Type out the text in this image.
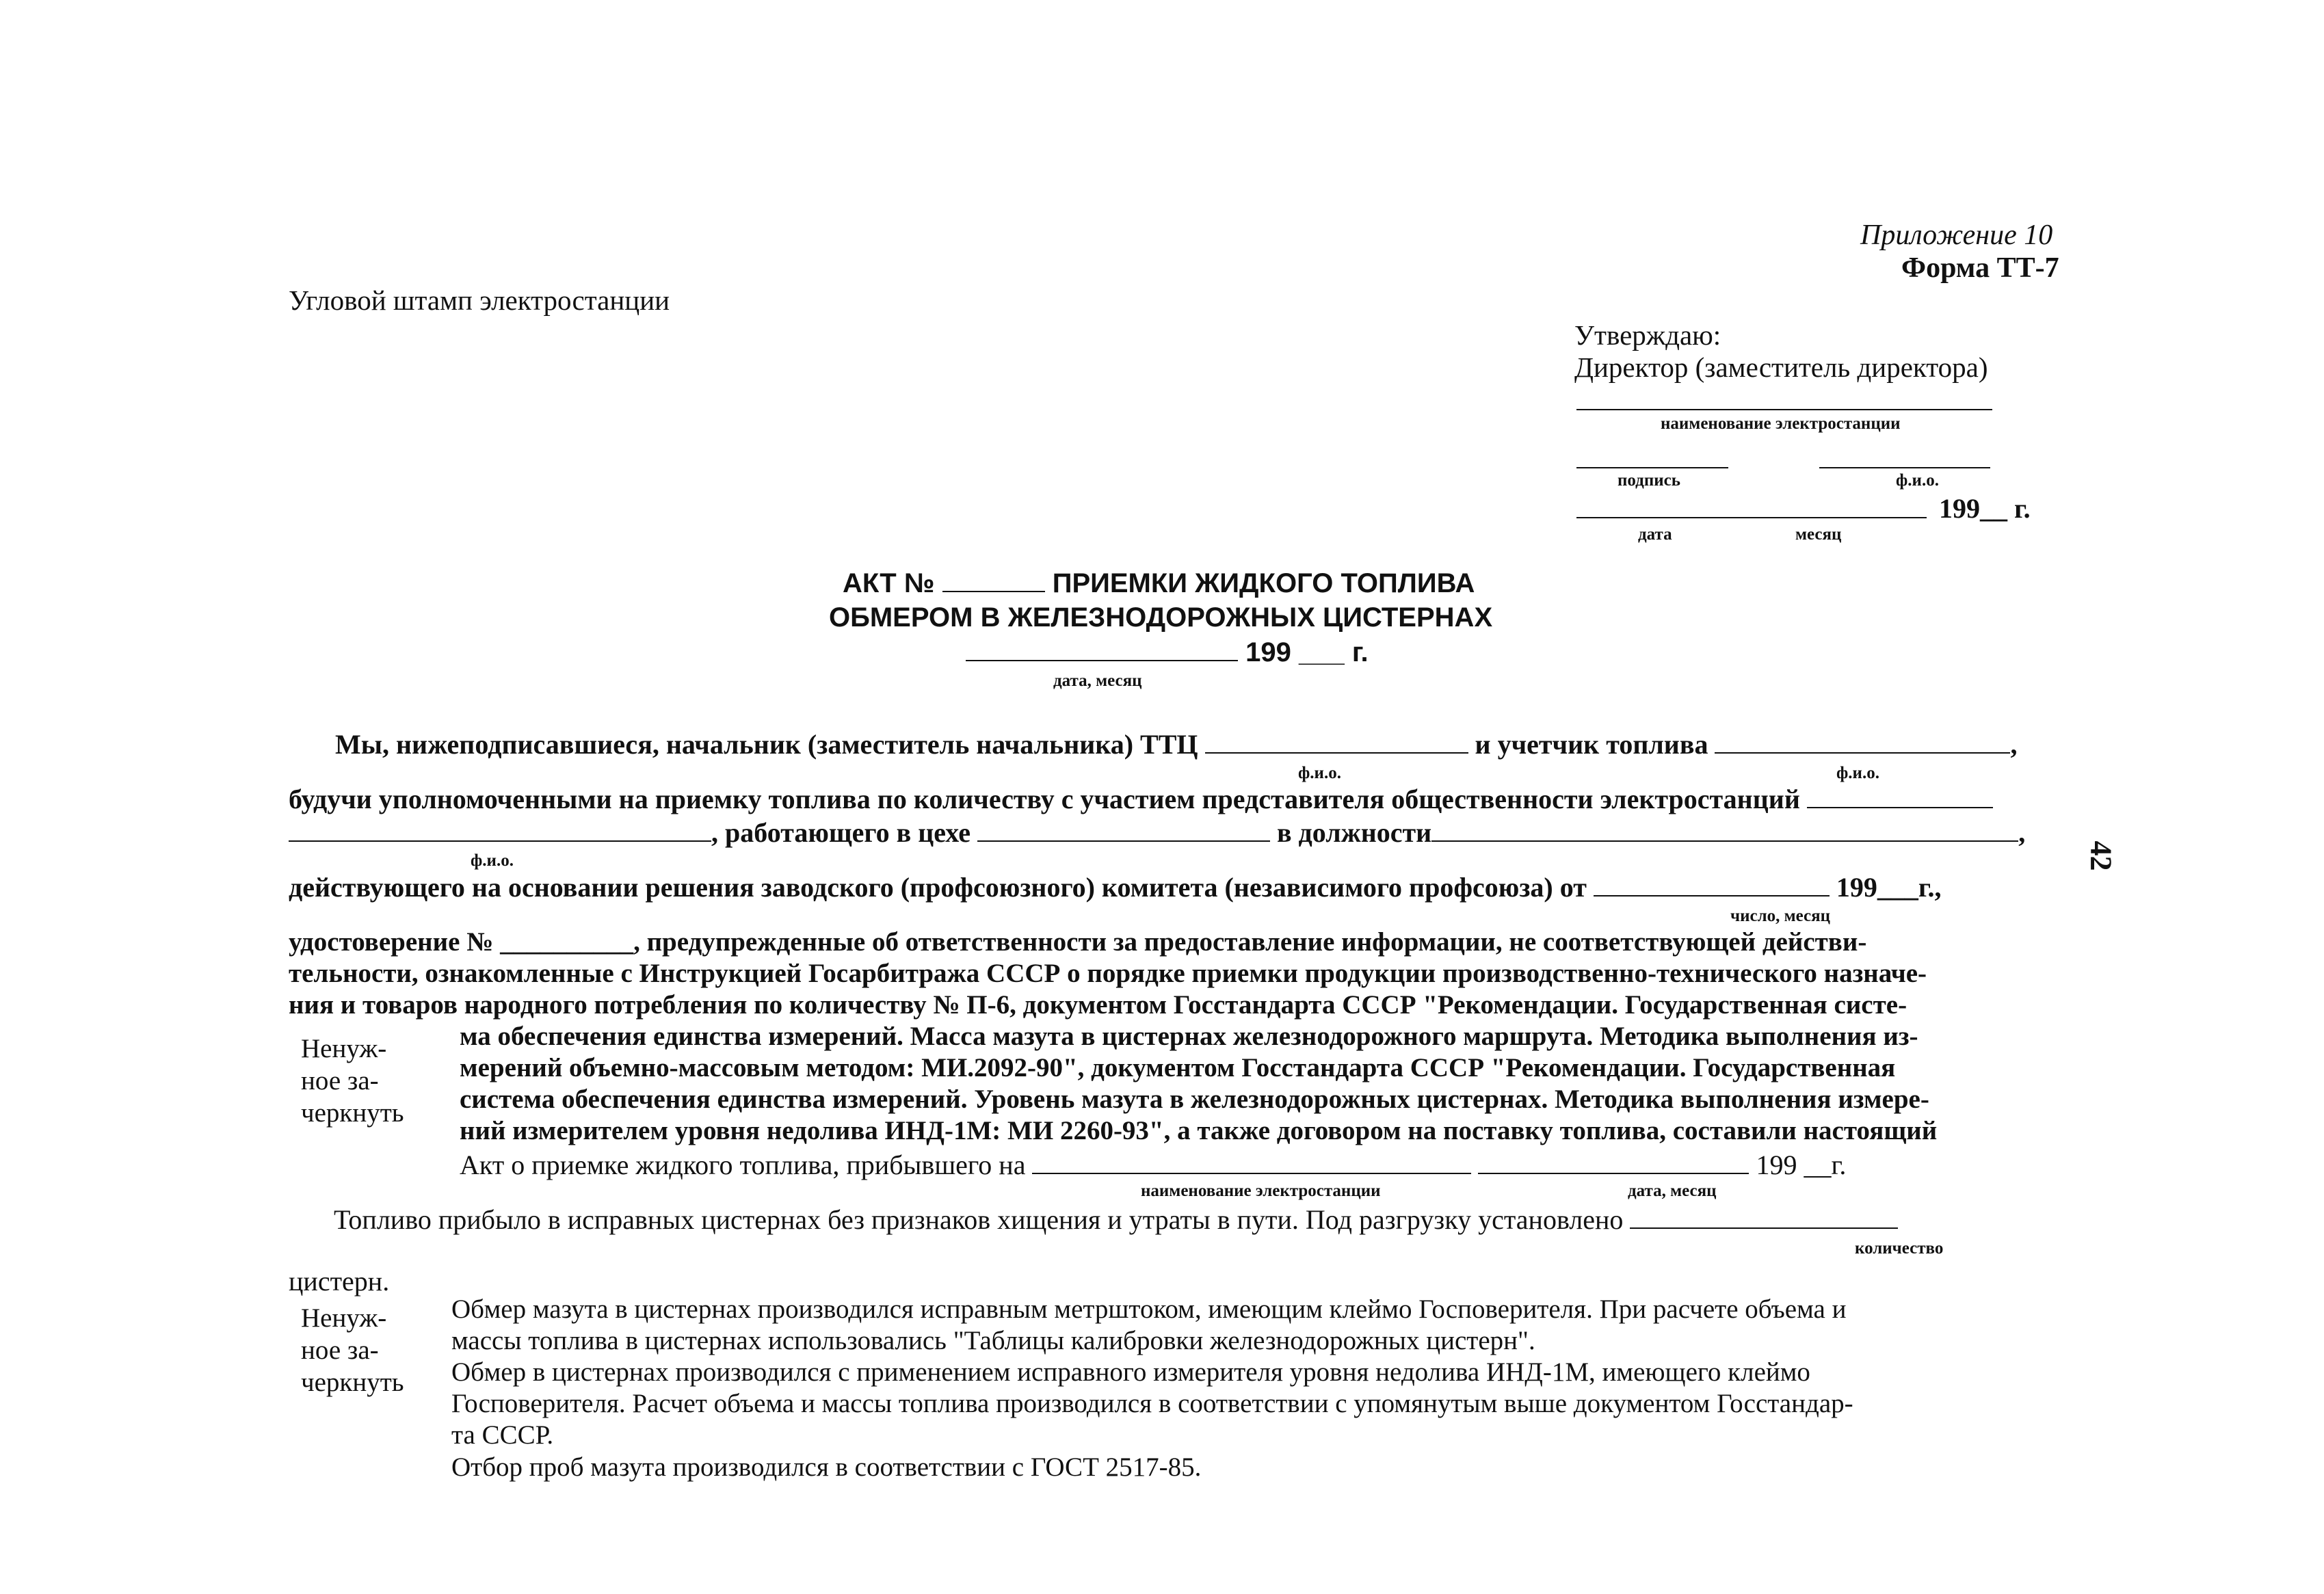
Приложение 10
Форма ТТ-7
Угловой штамп электростанции
Утверждаю:
Директор (заместитель директора)
наименование электростанции
подпись	ф.и.о.
199__ г.
дата	месяц
АКТ №	ПРИЕМКИ ЖИДКОГО ТОПЛИВА
ОБМЕРОМ В ЖЕЛЕЗНОДОРОЖНЫХ ЦИСТЕРНАХ
199 ___ г.
дата, месяц
Мы, нижеподписавшиеся, начальник (заместитель начальника) ТТЦ	и учетчик топлива	,
ф.и.о.	ф.и.о.
будучи уполномоченными на приемку топлива по количеству с участием представителя общественности электростанций
, работающего в цехе	в должности	,
ф.и.о.
действующего на основании решения заводского (профсоюзного) комитета (независимого профсоюза) от	199___г.,
число, месяц
удостоверение № __________, предупрежденные об ответственности за предоставление информации, не соответствующей действи-
тельности, ознакомленные с Инструкцией Госарбитража СССР о порядке приемки продукции производственно-технического назначе-
ния и товаров народного потребления по количеству № П-6, документом Госстандарта СССР "Рекомендации. Государственная систе-
Ненуж-
ное за-
черкнуть
ма обеспечения единства измерений. Масса мазута в цистернах железнодорожного маршрута. Методика выполнения из-
мерений объемно-массовым методом: МИ.2092-90", документом Госстандарта СССР "Рекомендации. Государственная
система обеспечения единства измерений. Уровень мазута в железнодорожных цистернах. Методика выполнения измере-
ний измерителем уровня недолива ИНД-1М: МИ 2260-93", а также договором на поставку топлива, составили настоящий
Акт о приемке жидкого топлива, прибывшего на	199 __г.
наименование электростанции	дата, месяц
Топливо прибыло в исправных цистернах без признаков хищения и утраты в пути. Под разгрузку установлено
количество
цистерн.
Ненуж-
ное за-
черкнуть
Обмер мазута в цистернах производился исправным метрштоком, имеющим клеймо Госповерителя. При расчете объема и
массы топлива в цистернах использовались "Таблицы калибровки железнодорожных цистерн".
Обмер в цистернах производился с применением исправного измерителя уровня недолива ИНД-1М, имеющего клеймо
Госповерителя. Расчет объема и массы топлива производился в соответствии с упомянутым выше документом Госстандар-
та СССР.
Отбор проб мазута производился в соответствии с ГОСТ 2517-85.
42
